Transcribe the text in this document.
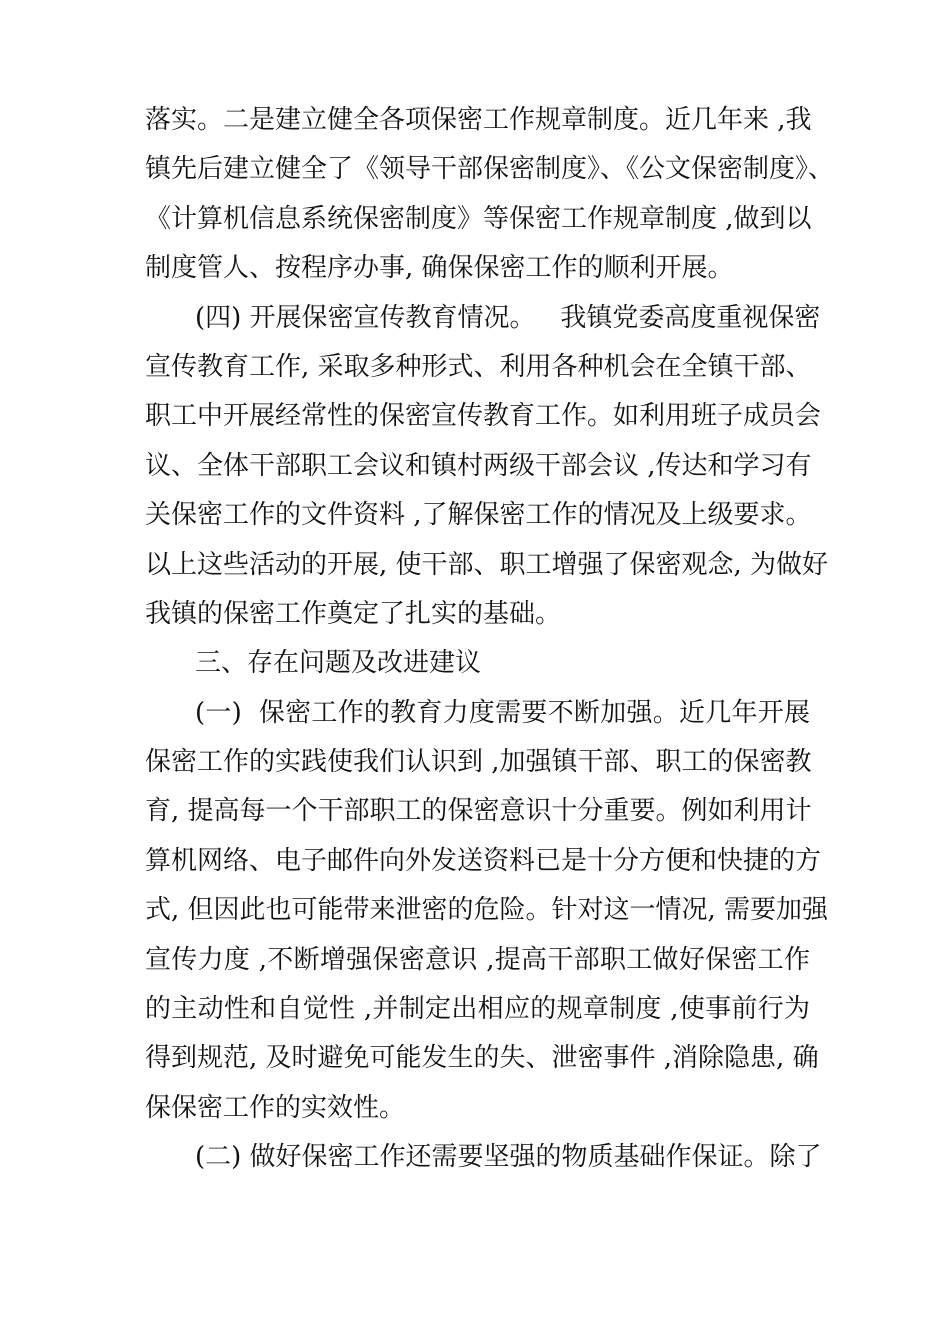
落实。二是建立健全各项保密工作规章制度。近几年来 ,我
镇先后建立健全了《领导干部保密制度》、《公文保密制度》、
《计算机信息系统保密制度》等保密工作规章制度 ,做到以
制度管人、按程序办事, 确保保密工作的顺利开展。
(四) 开展保密宣传教育情况。   我镇党委高度重视保密
宣传教育工作, 采取多种形式、利用各种机会在全镇干部、
职工中开展经常性的保密宣传教育工作。如利用班子成员会
议、全体干部职工会议和镇村两级干部会议 ,传达和学习有
关保密工作的文件资料 ,了解保密工作的情况及上级要求。
以上这些活动的开展, 使干部、职工增强了保密观念, 为做好
我镇的保密工作奠定了扎实的基础。
三、存在问题及改进建议
(一)  保密工作的教育力度需要不断加强。近几年开展
保密工作的实践使我们认识到 ,加强镇干部、职工的保密教
育, 提高每一个干部职工的保密意识十分重要。例如利用计
算机网络、电子邮件向外发送资料已是十分方便和快捷的方
式, 但因此也可能带来泄密的危险。针对这一情况, 需要加强
宣传力度 ,不断增强保密意识 ,提高干部职工做好保密工作
的主动性和自觉性 ,并制定出相应的规章制度 ,使事前行为
得到规范, 及时避免可能发生的失、泄密事件 ,消除隐患, 确
保保密工作的实效性。
(二) 做好保密工作还需要坚强的物质基础作保证。除了
